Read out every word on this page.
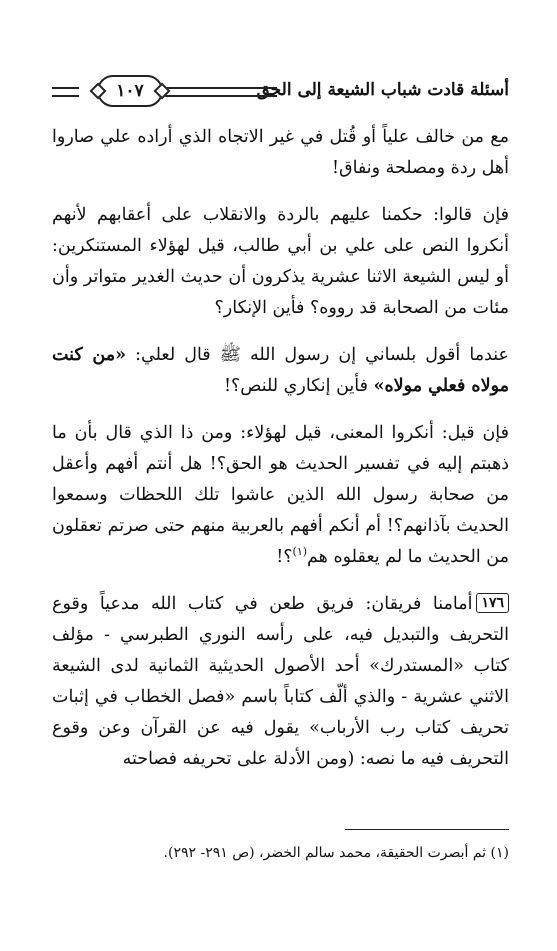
أسئلة قادت شباب الشيعة إلى الحق
١٠٧

مع من خالف علياً أو قُتل في غير الاتجاه الذي أراده علي صاروا أهل ردة ومصلحة ونفاق!

فإن قالوا: حكمنا عليهم بالردة والانقلاب على أعقابهم لأنهم أنكروا النص على علي بن أبي طالب، قيل لهؤلاء المستنكرين: أو ليس الشيعة الاثنا عشرية يذكرون أن حديث الغدير متواتر وأن مئات من الصحابة قد رووه؟ فأين الإنكار؟

عندما أقول بلساني إن رسول الله ﷺ قال لعلي: «من كنت مولاه فعلي مولاه» فأين إنكاري للنص؟!

فإن قيل: أنكروا المعنى، قيل لهؤلاء: ومن ذا الذي قال بأن ما ذهبتم إليه في تفسير الحديث هو الحق؟! هل أنتم أفهم وأعقل من صحابة رسول الله الذين عاشوا تلك اللحظات وسمعوا الحديث بآذانهم؟! أم أنكم أفهم بالعربية منهم حتى صرتم تعقلون من الحديث ما لم يعقلوه هم$^{(١)}$؟!

١٧٦أمامنا فريقان: فريق طعن في كتاب الله مدعياً وقوع التحريف والتبديل فيه، على رأسه النوري الطبرسي - مؤلف كتاب «المستدرك» أحد الأصول الحديثية الثمانية لدى الشيعة الاثني عشرية - والذي ألّف كتاباً باسم «فصل الخطاب في إثبات تحريف كتاب رب الأرباب» يقول فيه عن القرآن وعن وقوع التحريف فيه ما نصه: (ومن الأدلة على تحريفه فصاحته

(١) ثم أبصرت الحقيقة، محمد سالم الخضر، (ص ٢٩١- ٢٩٢).
